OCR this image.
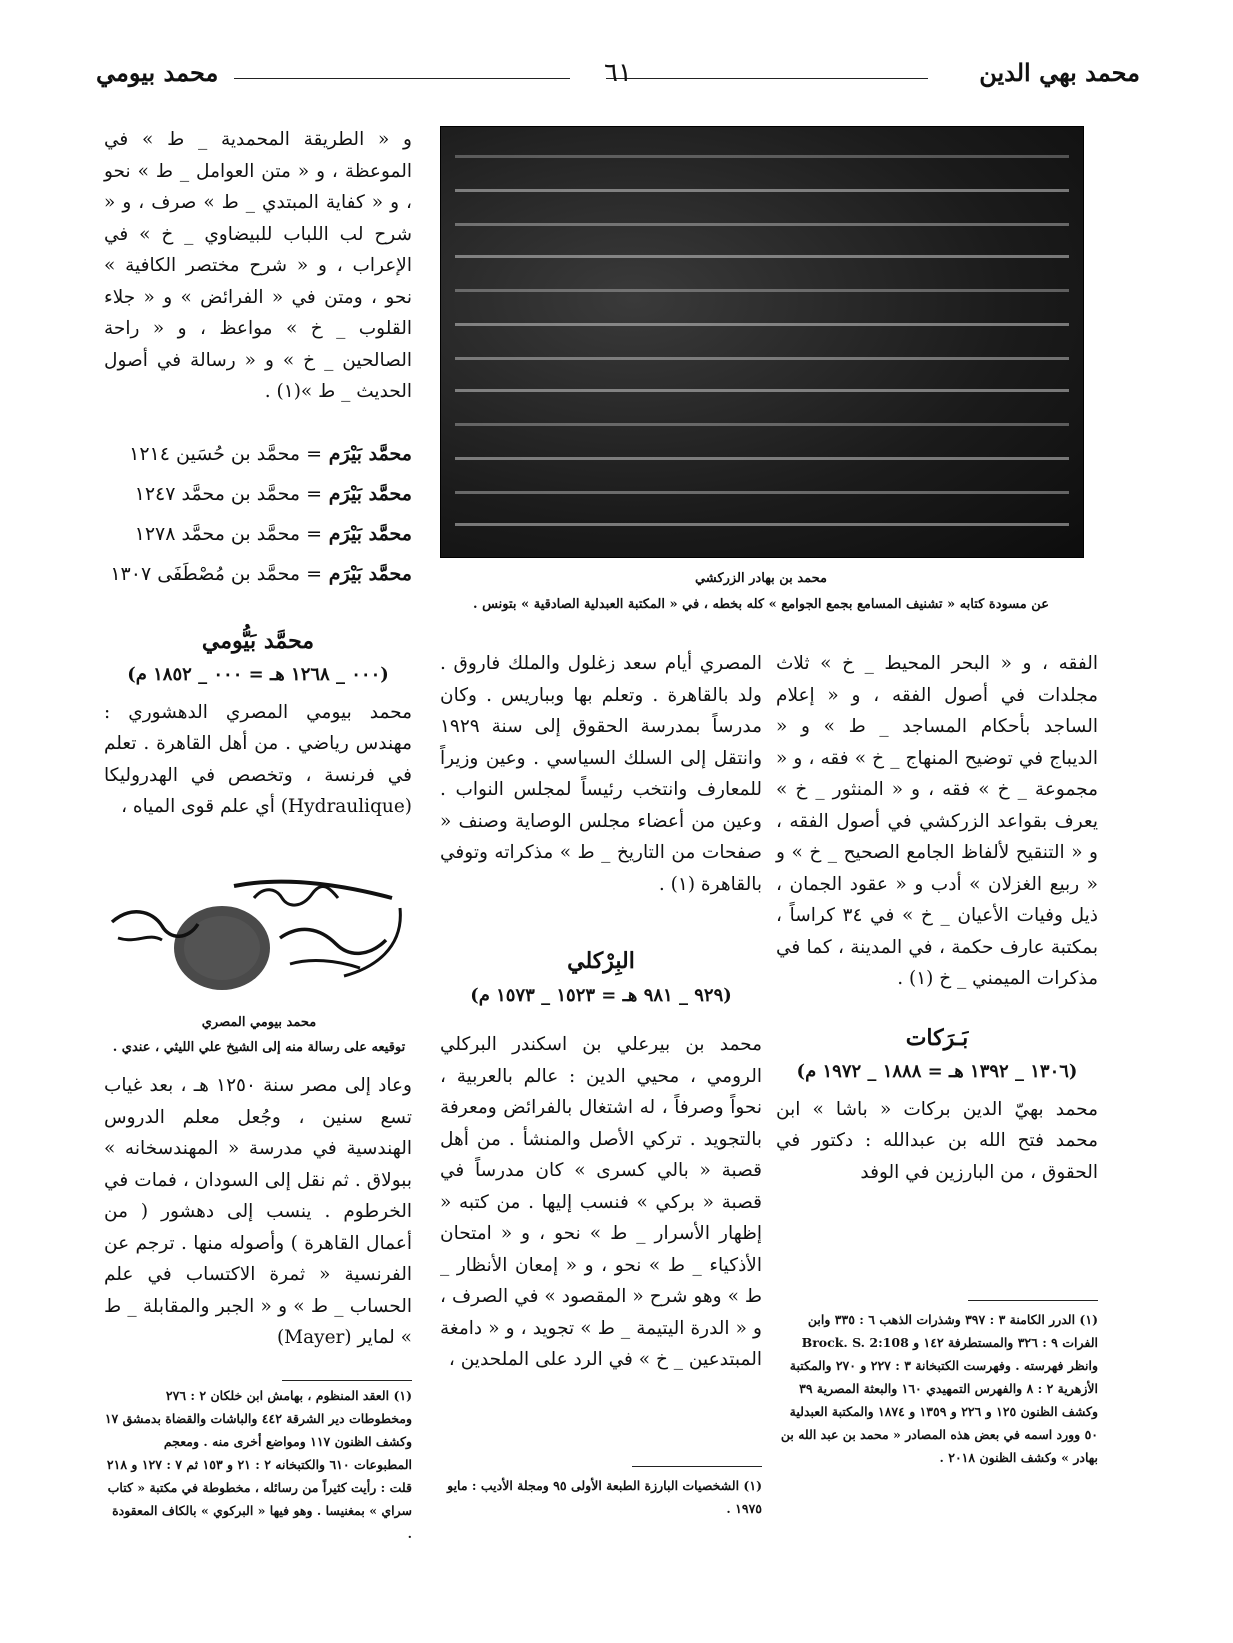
محمد بهي الدين
٦١
محمد بيومي
محمد بن بهادر الزركشي
عن مسودة كتابه « تشنيف المسامع بجمع الجوامع » كله بخطه ، في « المكتبة العبدلية الصادقية » بتونس .

الفقه ، و « البحر المحيط _ خ » ثلاث مجلدات في أصول الفقه ، و « إعلام الساجد بأحكام المساجد _ ط » و « الديباج في توضيح المنهاج _ خ » فقه ، و « مجموعة _ خ » فقه ، و « المنثور _ خ » يعرف بقواعد الزركشي في أصول الفقه ، و « التنقيح لألفاظ الجامع الصحيح _ خ » و « ربيع الغزلان » أدب و « عقود الجمان ، ذيل وفيات الأعيان _ خ » في ٣٤ كراساً ، بمكتبة عارف حكمة ، في المدينة ، كما في مذكرات الميمني _ خ (١) .

بَـرَكات
(١٣٠٦ _ ١٣٩٢ هـ = ١٨٨٨ _ ١٩٧٢ م)

محمد بهيّ الدين بركات « باشا » ابن محمد فتح الله بن عبدالله : دكتور في الحقوق ، من البارزين في الوفد

المصري أيام سعد زغلول والملك فاروق . ولد بالقاهرة . وتعلم بها وبباريس . وكان مدرساً بمدرسة الحقوق إلى سنة ١٩٢٩ وانتقل إلى السلك السياسي . وعين وزيراً للمعارف وانتخب رئيساً لمجلس النواب . وعين من أعضاء مجلس الوصاية وصنف « صفحات من التاريخ _ ط » مذكراته وتوفي بالقاهرة (١) .

البِرْكلي
(٩٢٩ _ ٩٨١ هـ = ١٥٢٣ _ ١٥٧٣ م)

محمد بن بيرعلي بن اسكندر البركلي الرومي ، محيي الدين : عالم بالعربية ، نحواً وصرفاً ، له اشتغال بالفرائض ومعرفة بالتجويد . تركي الأصل والمنشأ . من أهل قصبة « بالي كسرى » كان مدرساً في قصبة « بركي » فنسب إليها . من كتبه « إظهار الأسرار _ ط » نحو ، و « امتحان الأذكياء _ ط » نحو ، و « إمعان الأنظار _ ط » وهو شرح « المقصود » في الصرف ، و « الدرة اليتيمة _ ط » تجويد ، و « دامغة المبتدعين _ خ » في الرد على الملحدين ،

و « الطريقة المحمدية _ ط » في الموعظة ، و « متن العوامل _ ط » نحو ، و « كفاية المبتدي _ ط » صرف ، و « شرح لب اللباب للبيضاوي _ خ » في الإعراب ، و « شرح مختصر الكافية » نحو ، ومتن في « الفرائض » و « جلاء القلوب _ خ » مواعظ ، و « راحة الصالحين _ خ » و « رسالة في أصول الحديث _ ط »(١) .

محمَّد بَيْرَم = محمَّد بن حُسَين ١٢١٤
محمَّد بَيْرَم = محمَّد بن محمَّد ١٢٤٧
محمَّد بَيْرَم = محمَّد بن محمَّد ١٢٧٨
محمَّد بَيْرَم = محمَّد بن مُصْطَفَى ١٣٠٧
محمَّد بَيُّومي
(٠٠٠ _ ١٢٦٨ هـ = ٠٠٠ _ ١٨٥٢ م)

محمد بيومي المصري الدهشوري : مهندس رياضي . من أهل القاهرة . تعلم في فرنسة ، وتخصص في الهدروليكا (Hydraulique) أي علم قوى المياه ،

محمد بيومي المصري
توقيعه على رسالة منه إلى الشيخ علي الليثي ، عندي .

وعاد إلى مصر سنة ١٢٥٠ هـ ، بعد غياب تسع سنين ، وجُعل معلم الدروس الهندسية في مدرسة « المهندسخانه » ببولاق . ثم نقل إلى السودان ، فمات في الخرطوم . ينسب إلى دهشور ( من أعمال القاهرة ) وأصوله منها . ترجم عن الفرنسية « ثمرة الاكتساب في علم الحساب _ ط » و « الجبر والمقابلة _ ط » لماير (Mayer)

(١) الدرر الكامنة ٣ : ٣٩٧ وشذرات الذهب ٦ : ٣٣٥ وابن الفرات ٩ : ٣٢٦ والمستطرفة ١٤٢ و Brock. S. 2:108 وانظر فهرسته . وفهرست الكتبخانة ٣ : ٢٢٧ و ٢٧٠ والمكتبة الأزهرية ٢ : ٨ والفهرس التمهيدي ١٦٠ والبعثة المصرية ٣٩ وكشف الظنون ١٢٥ و ٢٢٦ و ١٣٥٩ و ١٨٧٤ والمكتبة العبدلية ٥٠ وورد اسمه في بعض هذه المصادر « محمد بن عبد الله بن بهادر » وكشف الظنون ٢٠١٨ .
(١) الشخصيات البارزة الطبعة الأولى ٩٥ ومجلة الأديب : مايو ١٩٧٥ .
(١) العقد المنظوم ، بهامش ابن خلكان ٢ : ٢٧٦ ومخطوطات دير الشرقة ٤٤٢ والباشات والقضاة بدمشق ١٧ وكشف الظنون ١١٧ ومواضع أخرى منه . ومعجم المطبوعات ٦١٠ والكتبخانه ٢ : ٢١ و ١٥٣ ثم ٧ : ١٢٧ و ٢١٨ قلت : رأيت كثيراً من رسائله ، مخطوطة في مكتبة « كتاب سراي » بمغنيسا . وهو فيها « البركوي » بالكاف المعقودة .
